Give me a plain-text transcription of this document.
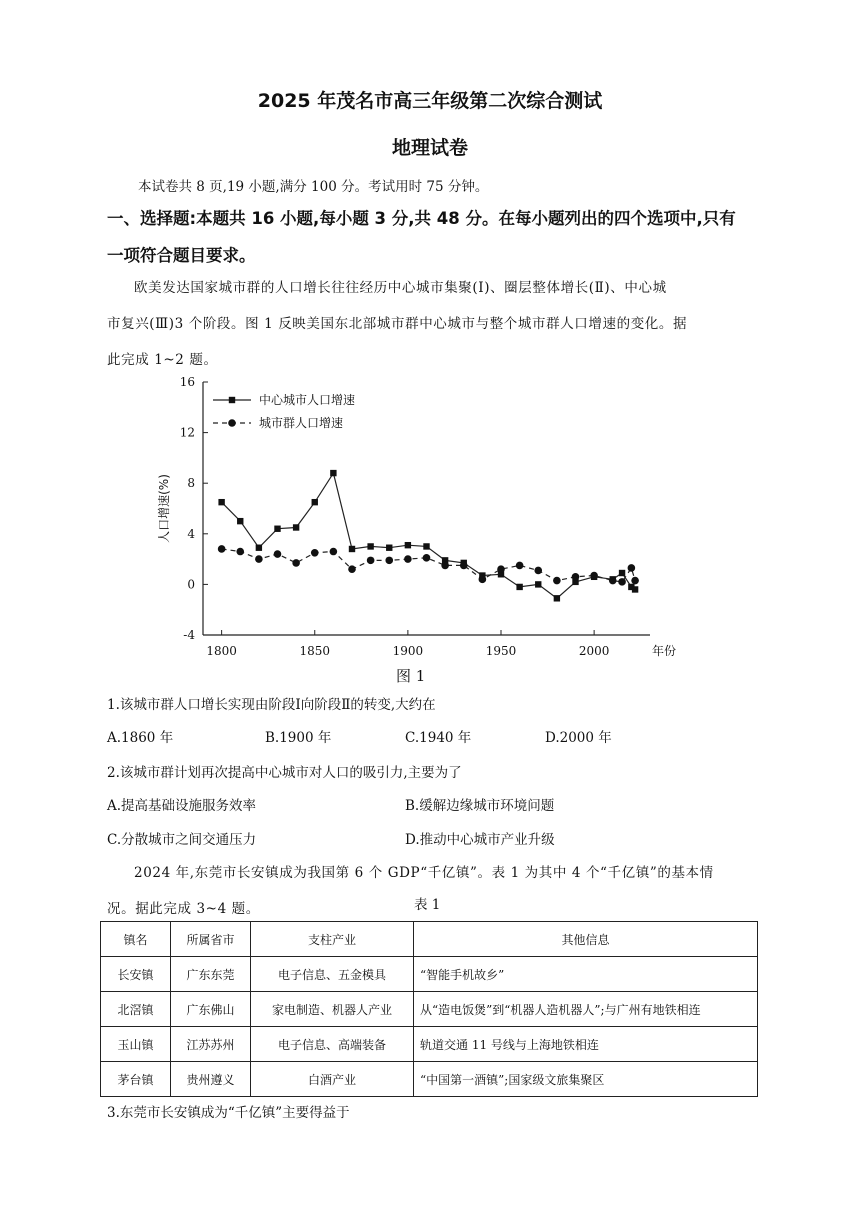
2025 年茂名市高三年级第二次综合测试
地理试卷
本试卷共 8 页,19 小题,满分 100 分。考试用时 75 分钟。
一、选择题:本题共 16 小题,每小题 3 分,共 48 分。在每小题列出的四个选项中,只有
一项符合题目要求。
欧美发达国家城市群的人口增长往往经历中心城市集聚(Ⅰ)、圈层整体增长(Ⅱ)、中心城
市复兴(Ⅲ)3 个阶段。图 1 反映美国东北部城市群中心城市与整个城市群人口增速的变化。据
此完成 1~2 题。
-4
0
4
8
12
16
1800	1850	1900	1950	2000	年份
人口增速(%)
中心城市人口增速
城市群人口增速
图 1
1.该城市群人口增长实现由阶段Ⅰ向阶段Ⅱ的转变,大约在
A.1860 年	B.1900 年	C.1940 年	D.2000 年
2.该城市群计划再次提高中心城市对人口的吸引力,主要为了
A.提高基础设施服务效率	B.缓解边缘城市环境问题
C.分散城市之间交通压力	D.推动中心城市产业升级
2024 年,东莞市长安镇成为我国第 6 个 GDP“千亿镇”。表 1 为其中 4 个“千亿镇”的基本情
况。据此完成 3~4 题。	表 1
镇名	所属省市	支柱产业	其他信息
长安镇	广东东莞	电子信息、五金模具	“智能手机故乡”
北滘镇	广东佛山	家电制造、机器人产业	从“造电饭煲”到“机器人造机器人”;与广州有地铁相连
玉山镇	江苏苏州	电子信息、高端装备	轨道交通 11 号线与上海地铁相连
茅台镇	贵州遵义	白酒产业	“中国第一酒镇”;国家级文旅集聚区
3.东莞市长安镇成为“千亿镇”主要得益于
